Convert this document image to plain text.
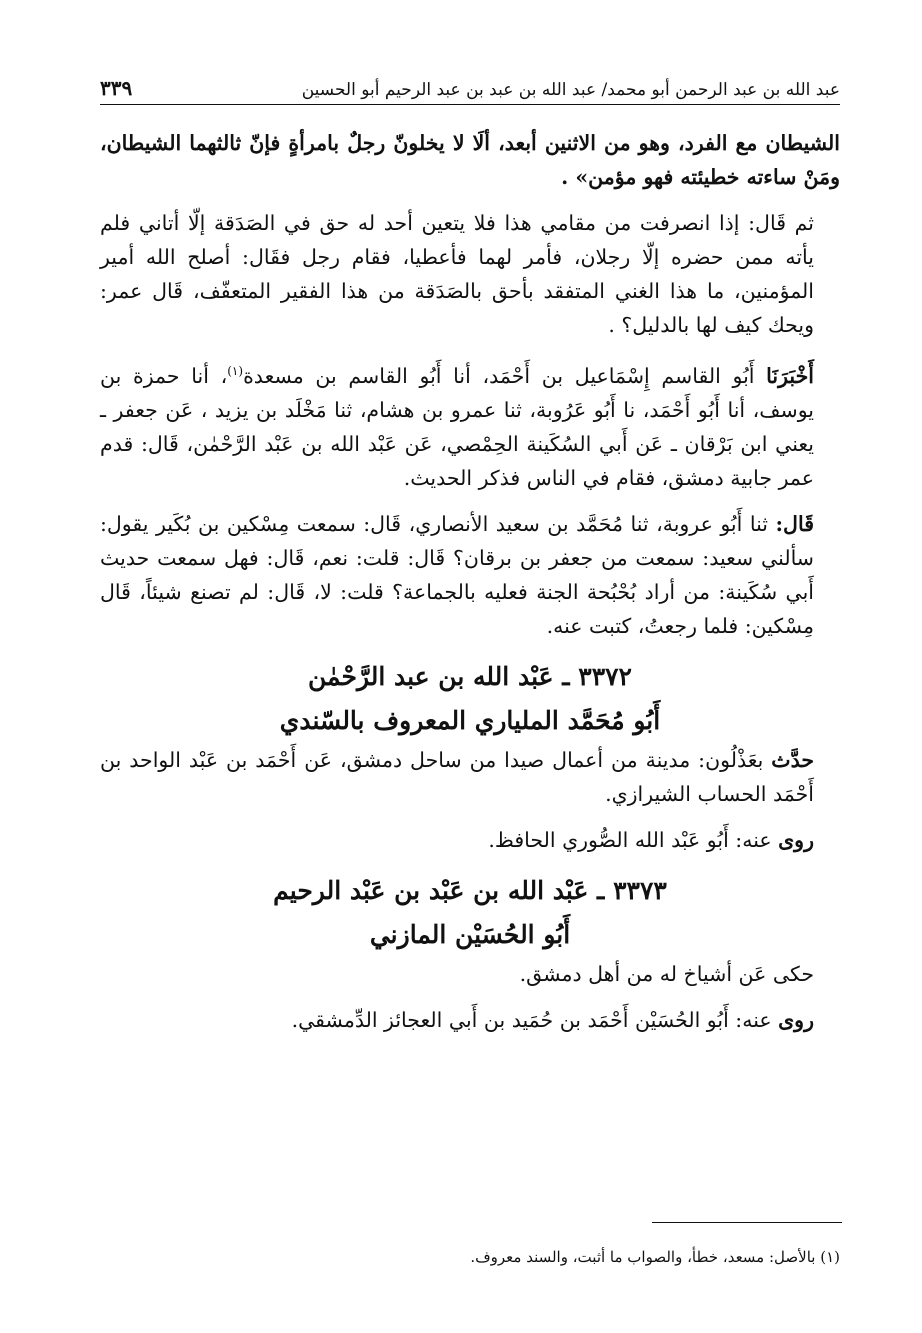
عبد الله بن عبد الرحمن أبو محمد/ عبد الله بن عبد بن عبد الرحيم أبو الحسين
٣٣٩

الشيطان مع الفرد، وهو من الاثنين أبعد، ألَا لا يخلونّ رجلٌ بامرأةٍ فإنّ ثالثهما الشيطان، ومَنْ ساءته خطيئته فهو مؤمن» .

ثم قَال: إذا انصرفت من مقامي هذا فلا يتعين أحد له حق في الصَدَقة إلّا أتاني فلم يأته ممن حضره إلّا رجلان، فأمر لهما فأعطيا، فقام رجل فقَال: أصلح الله أمير المؤمنين، ما هذا الغني المتفقد بأحق بالصَدَقة من هذا الفقير المتعفّف، قَال عمر: ويحك كيف لها بالدليل؟ .

أَخْبَرَنَا أَبُو القاسم إِسْمَاعيل بن أَحْمَد، أنا أَبُو القاسم بن مسعدة$^{(١)}$، أنا حمزة بن يوسف، أنا أَبُو أَحْمَد، نا أَبُو عَرُوبة، ثنا عمرو بن هشام، ثنا مَخْلَد بن يزيد ، عَن جعفر ـ يعني ابن بَرْقان ـ عَن أَبي السُكَينة الحِمْصي، عَن عَبْد الله بن عَبْد الرَّحْمٰن، قَال: قدم عمر جابية دمشق، فقام في الناس فذكر الحديث.

قَال: ثنا أَبُو عروبة، ثنا مُحَمَّد بن سعيد الأنصاري، قَال: سمعت مِسْكين بن بُكَير يقول: سألني سعيد: سمعت من جعفر بن برقان؟ قَال: قلت: نعم، قَال: فهل سمعت حديث أَبي سُكَينة: من أراد بُحْبُحة الجنة فعليه بالجماعة؟ قلت: لا، قَال: لم تصنع شيئاً، قَال مِسْكين: فلما رجعتُ، كتبت عنه.

٣٣٧٢ ـ عَبْد الله بن عبد الرَّحْمٰن

أَبُو مُحَمَّد الملياري المعروف بالسّندي

حدَّث بعَذْلُون: مدينة من أعمال صيدا من ساحل دمشق، عَن أَحْمَد بن عَبْد الواحد بن أَحْمَد الحساب الشيرازي.

روى عنه: أَبُو عَبْد الله الصُّوري الحافظ.

٣٣٧٣ ـ عَبْد الله بن عَبْد بن عَبْد الرحيم

أَبُو الحُسَيْن المازني

حكى عَن أشياخ له من أهل دمشق.

روى عنه: أَبُو الحُسَيْن أَحْمَد بن حُمَيد بن أَبي العجائز الدِّمشقي.

(١) بالأصل: مسعد، خطأ، والصواب ما أثبت، والسند معروف.
